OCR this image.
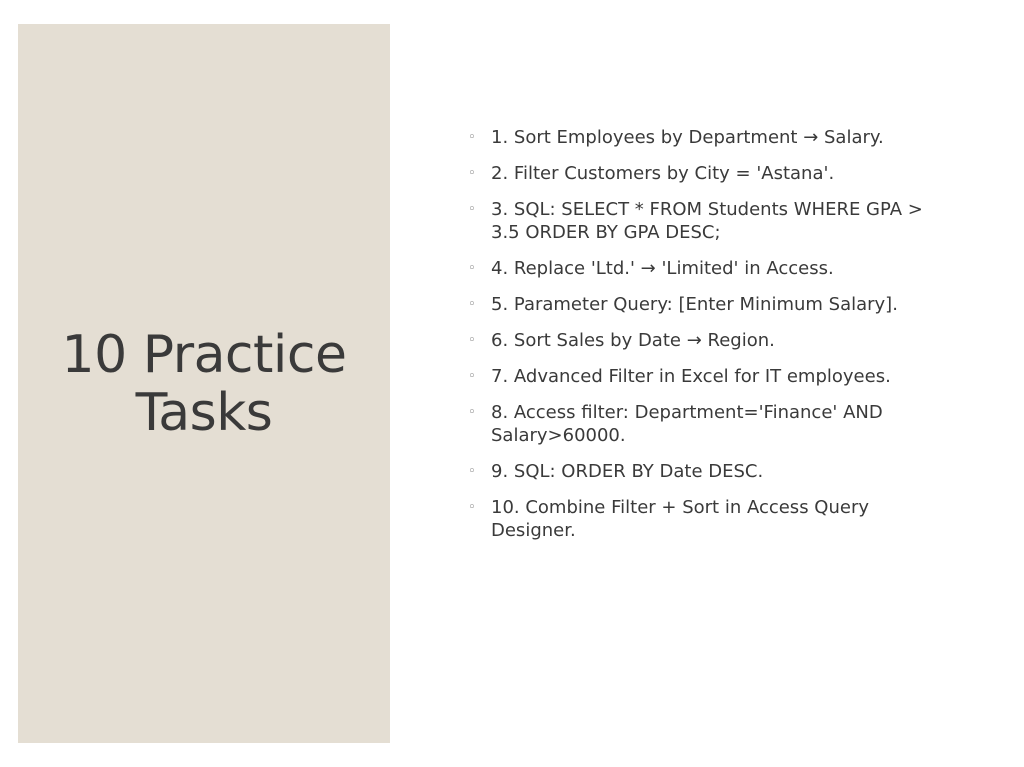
10 Practice
Tasks
◦ 1. Sort Employees by Department → Salary.
◦ 2. Filter Customers by City = 'Astana'.
◦ 3. SQL: SELECT * FROM Students WHERE GPA > 3.5 ORDER BY GPA DESC;
◦ 4. Replace 'Ltd.' → 'Limited' in Access.
◦ 5. Parameter Query: [Enter Minimum Salary].
◦ 6. Sort Sales by Date → Region.
◦ 7. Advanced Filter in Excel for IT employees.
◦ 8. Access filter: Department='Finance' AND Salary>60000.
◦ 9. SQL: ORDER BY Date DESC.
◦ 10. Combine Filter + Sort in Access Query Designer.
